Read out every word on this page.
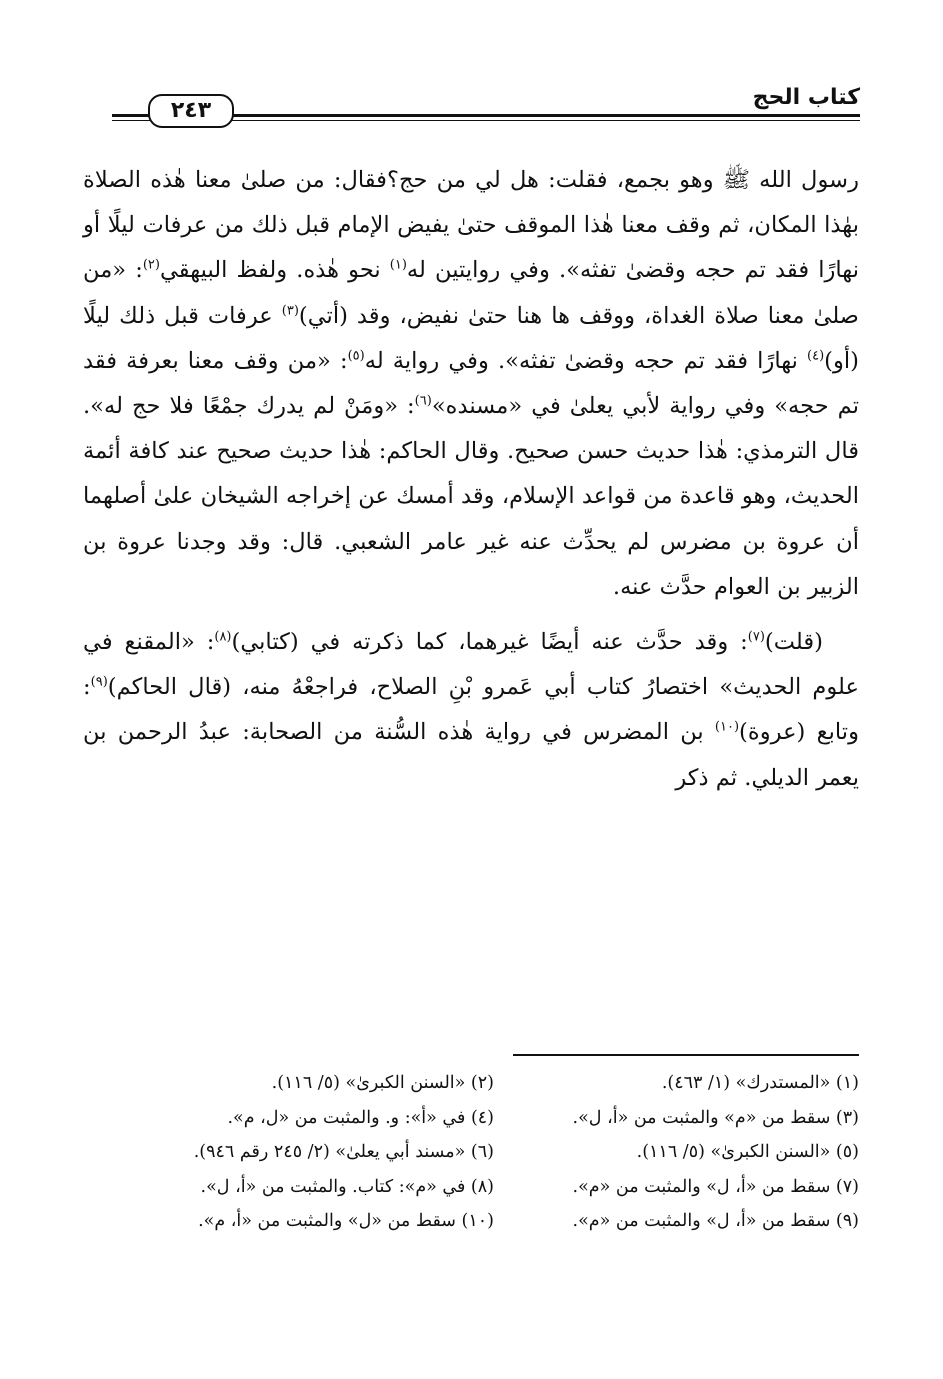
كتاب الحج
٢٤٣

رسول الله ﷺ وهو بجمع، فقلت: هل لي من حج؟فقال: من صلىٰ معنا هٰذه الصلاة بهٰذا المكان، ثم وقف معنا هٰذا الموقف حتىٰ يفيض الإمام قبل ذلك من عرفات ليلًا أو نهارًا فقد تم حجه وقضىٰ تفثه». وفي روايتين له$^{(١)}$ نحو هٰذه. ولفظ البيهقي$^{(٢)}$: «من صلىٰ معنا صلاة الغداة، ووقف ها هنا حتىٰ نفيض، وقد (أتي)$^{(٣)}$ عرفات قبل ذلك ليلًا (أو)$^{(٤)}$ نهارًا فقد تم حجه وقضىٰ تفثه». وفي رواية له$^{(٥)}$: «من وقف معنا بعرفة فقد تم حجه» وفي رواية لأبي يعلىٰ في «مسنده»$^{(٦)}$: «ومَنْ لم يدرك جمْعًا فلا حج له». قال الترمذي: هٰذا حديث حسن صحيح. وقال الحاكم: هٰذا حديث صحيح عند كافة أئمة الحديث، وهو قاعدة من قواعد الإسلام، وقد أمسك عن إخراجه الشيخان علىٰ أصلهما أن عروة بن مضرس لم يحدِّث عنه غير عامر الشعبي. قال: وقد وجدنا عروة بن الزبير بن العوام حدَّث عنه.

(قلت)$^{(٧)}$: وقد حدَّث عنه أيضًا غيرهما، كما ذكرته في (كتابي)$^{(٨)}$: «المقنع في علوم الحديث» اختصارُ كتاب أبي عَمرو بْنِ الصلاح، فراجعْهُ منه، (قال الحاكم)$^{(٩)}$: وتابع (عروة)$^{(١٠)}$ بن المضرس في رواية هٰذه السُّنة من الصحابة: عبدُ الرحمن بن يعمر الديلي. ثم ذكر

(١) «المستدرك» (١/ ٤٦٣).
(٢) «السنن الكبرىٰ» (٥/ ١١٦).
(٣) سقط من «م» والمثبت من «أ، ل».
(٤) في «أ»: و. والمثبت من «ل، م».
(٥) «السنن الكبرىٰ» (٥/ ١١٦).
(٦) «مسند أبي يعلىٰ» (٢/ ٢٤٥ رقم ٩٤٦).
(٧) سقط من «أ، ل» والمثبت من «م».
(٨) في «م»: كتاب. والمثبت من «أ، ل».
(٩) سقط من «أ، ل» والمثبت من «م».
(١٠) سقط من «ل» والمثبت من «أ، م».
